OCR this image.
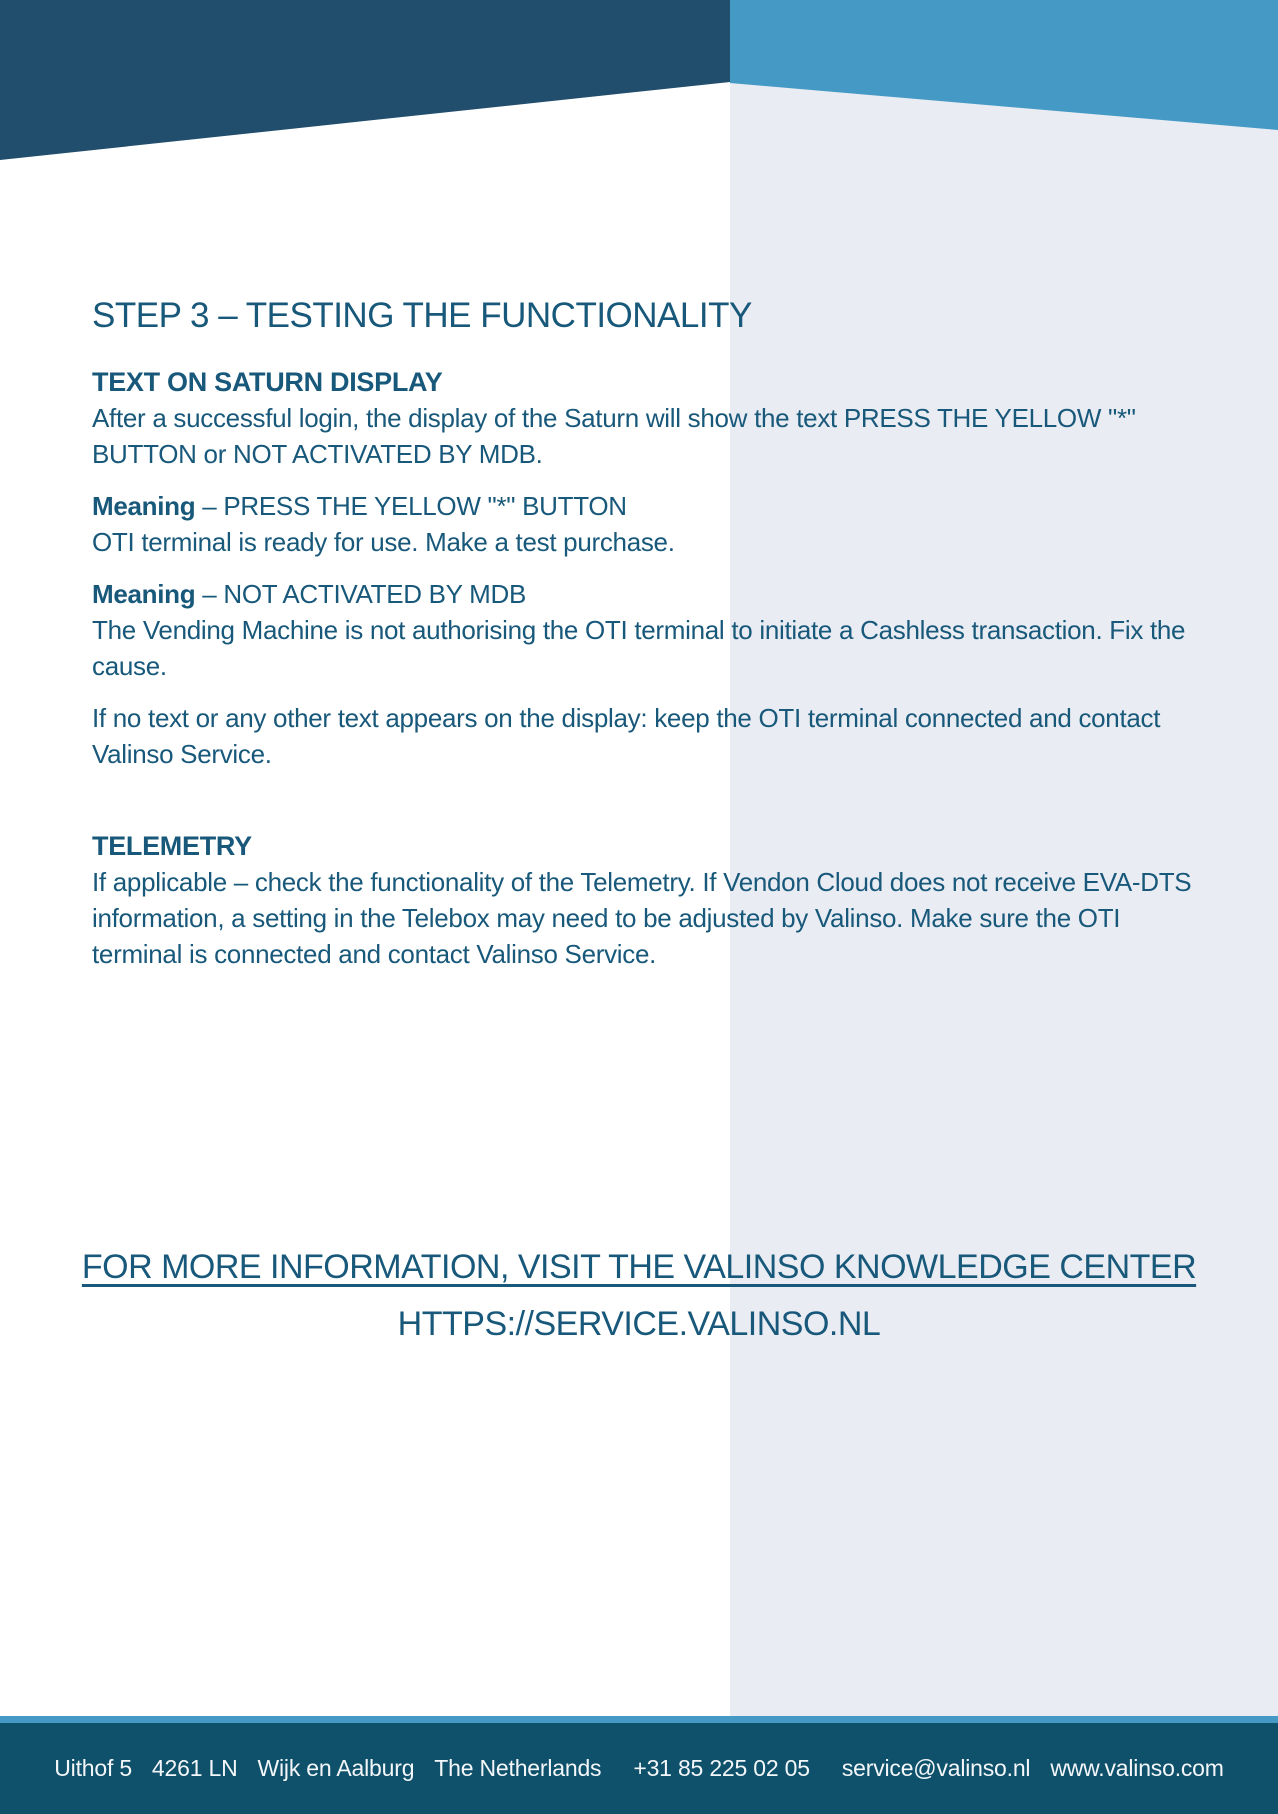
STEP 3 – TESTING THE FUNCTIONALITY
TEXT ON SATURN DISPLAY

After a successful login, the display of the Saturn will show the text PRESS THE YELLOW "*" BUTTON or NOT ACTIVATED BY MDB.

Meaning – PRESS THE YELLOW "*" BUTTON
OTI terminal is ready for use. Make a test purchase.

Meaning – NOT ACTIVATED BY MDB
The Vending Machine is not authorising the OTI terminal to initiate a Cashless transaction. Fix the cause.

If no text or any other text appears on the display: keep the OTI terminal connected and contact Valinso Service.

TELEMETRY

If applicable – check the functionality of the Telemetry. If Vendon Cloud does not receive EVA-DTS information, a setting in the Telebox may need to be adjusted by Valinso. Make sure the OTI terminal is connected and contact Valinso Service.

FOR MORE INFORMATION, VISIT THE VALINSO KNOWLEDGE CENTER
HTTPS://SERVICE.VALINSO.NL
Uithof 5 4261 LN Wijk en Aalburg The Netherlands +31 85 225 02 05 service@valinso.nl www.valinso.com
